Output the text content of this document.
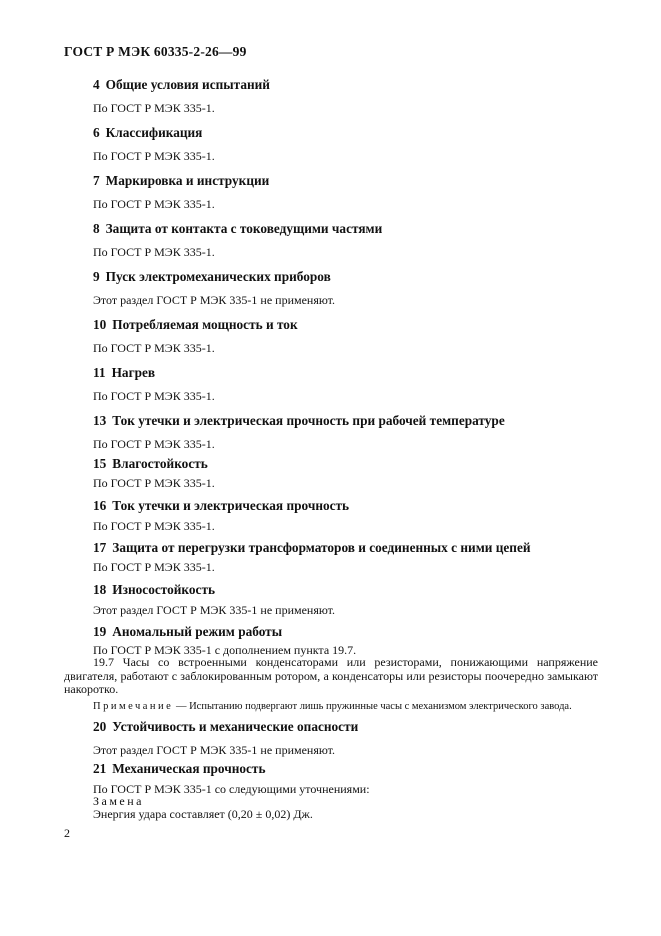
ГОСТ Р МЭК 60335-2-26—99
4 Общие условия испытаний
По ГОСТ Р МЭК 335-1.
6 Классификация
По ГОСТ Р МЭК 335-1.
7 Маркировка и инструкции
По ГОСТ Р МЭК 335-1.
8 Защита от контакта с токоведущими частями
По ГОСТ Р МЭК 335-1.
9 Пуск электромеханических приборов
Этот раздел ГОСТ Р МЭК 335-1 не применяют.
10 Потребляемая мощность и ток
По ГОСТ Р МЭК 335-1.
11 Нагрев
По ГОСТ Р МЭК 335-1.
13 Ток утечки и электрическая прочность при рабочей температуре
По ГОСТ Р МЭК 335-1.
15 Влагостойкость
По ГОСТ Р МЭК 335-1.
16 Ток утечки и электрическая прочность
По ГОСТ Р МЭК 335-1.
17 Защита от перегрузки трансформаторов и соединенных с ними цепей
По ГОСТ Р МЭК 335-1.
18 Износостойкость
Этот раздел ГОСТ Р МЭК 335-1 не применяют.
19 Аномальный режим работы
По ГОСТ Р МЭК 335-1 с дополнением пункта 19.7.
19.7 Часы со встроенными конденсаторами или резисторами, понижающими напряжение двигателя, работают с заблокированным ротором, а конденсаторы или резисторы поочередно замыкают накоротко.
Примечание — Испытанию подвергают лишь пружинные часы с механизмом электрического завода.
20 Устойчивость и механические опасности
Этот раздел ГОСТ Р МЭК 335-1 не применяют.
21 Механическая прочность
По ГОСТ Р МЭК 335-1 со следующими уточнениями:
Замена
Энергия удара составляет (0,20 ± 0,02) Дж.
2
